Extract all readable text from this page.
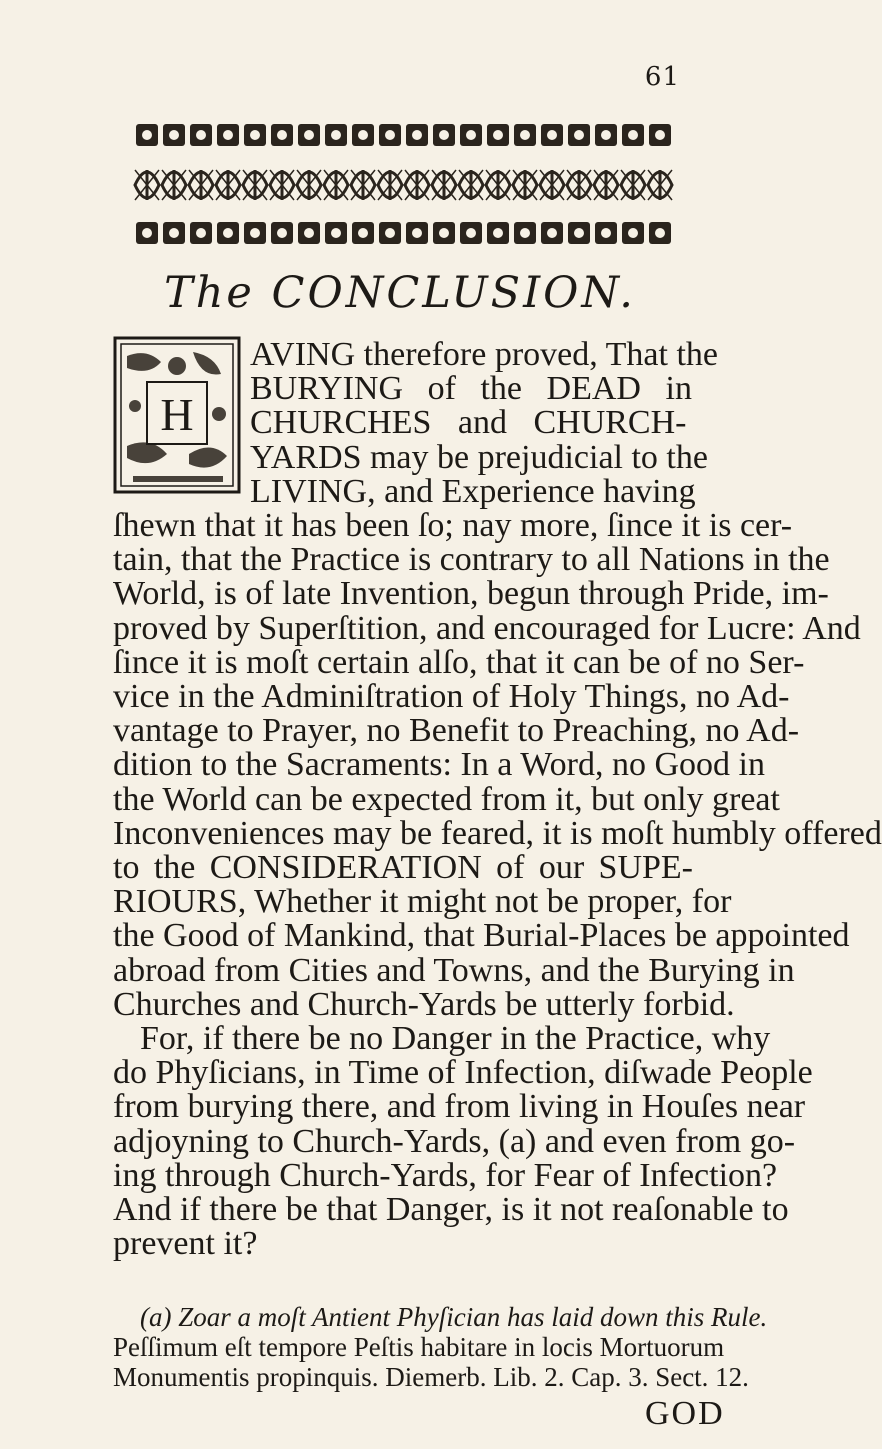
61
The CONCLUSION.
H
AVING therefore proved, That the
BURYING of the DEAD in
CHURCHES and CHURCH-
YARDS may be prejudicial to the
LIVING, and Experience having
ſhewn that it has been ſo; nay more, ſince it is cer-
tain, that the Practice is contrary to all Nations in the
World, is of late Invention, begun through Pride, im-
proved by Superſtition, and encouraged for Lucre: And
ſince it is moſt certain alſo, that it can be of no Ser-
vice in the Adminiſtration of Holy Things, no Ad-
vantage to Prayer, no Benefit to Preaching, no Ad-
dition to the Sacraments: In a Word, no Good in
the World can be expected from it, but only great
Inconveniences may be feared, it is moſt humbly offered
to the CONSIDERATION of our SUPE-
RIOURS, Whether it might not be proper, for
the Good of Mankind, that Burial-Places be appointed
abroad from Cities and Towns, and the Burying in
Churches and Church-Yards be utterly forbid.
For, if there be no Danger in the Practice, why
do Phyſicians, in Time of Infection, diſwade People
from burying there, and from living in Houſes near
adjoyning to Church-Yards, (a) and even from go-
ing through Church-Yards, for Fear of Infection?
And if there be that Danger, is it not reaſonable to
prevent it?
(a) Zoar a moſt Antient Phyſician has laid down this Rule.
Peſſimum eſt tempore Peſtis habitare in locis Mortuorum
Monumentis propinquis. Diemerb. Lib. 2. Cap. 3. Sect. 12.
GOD
